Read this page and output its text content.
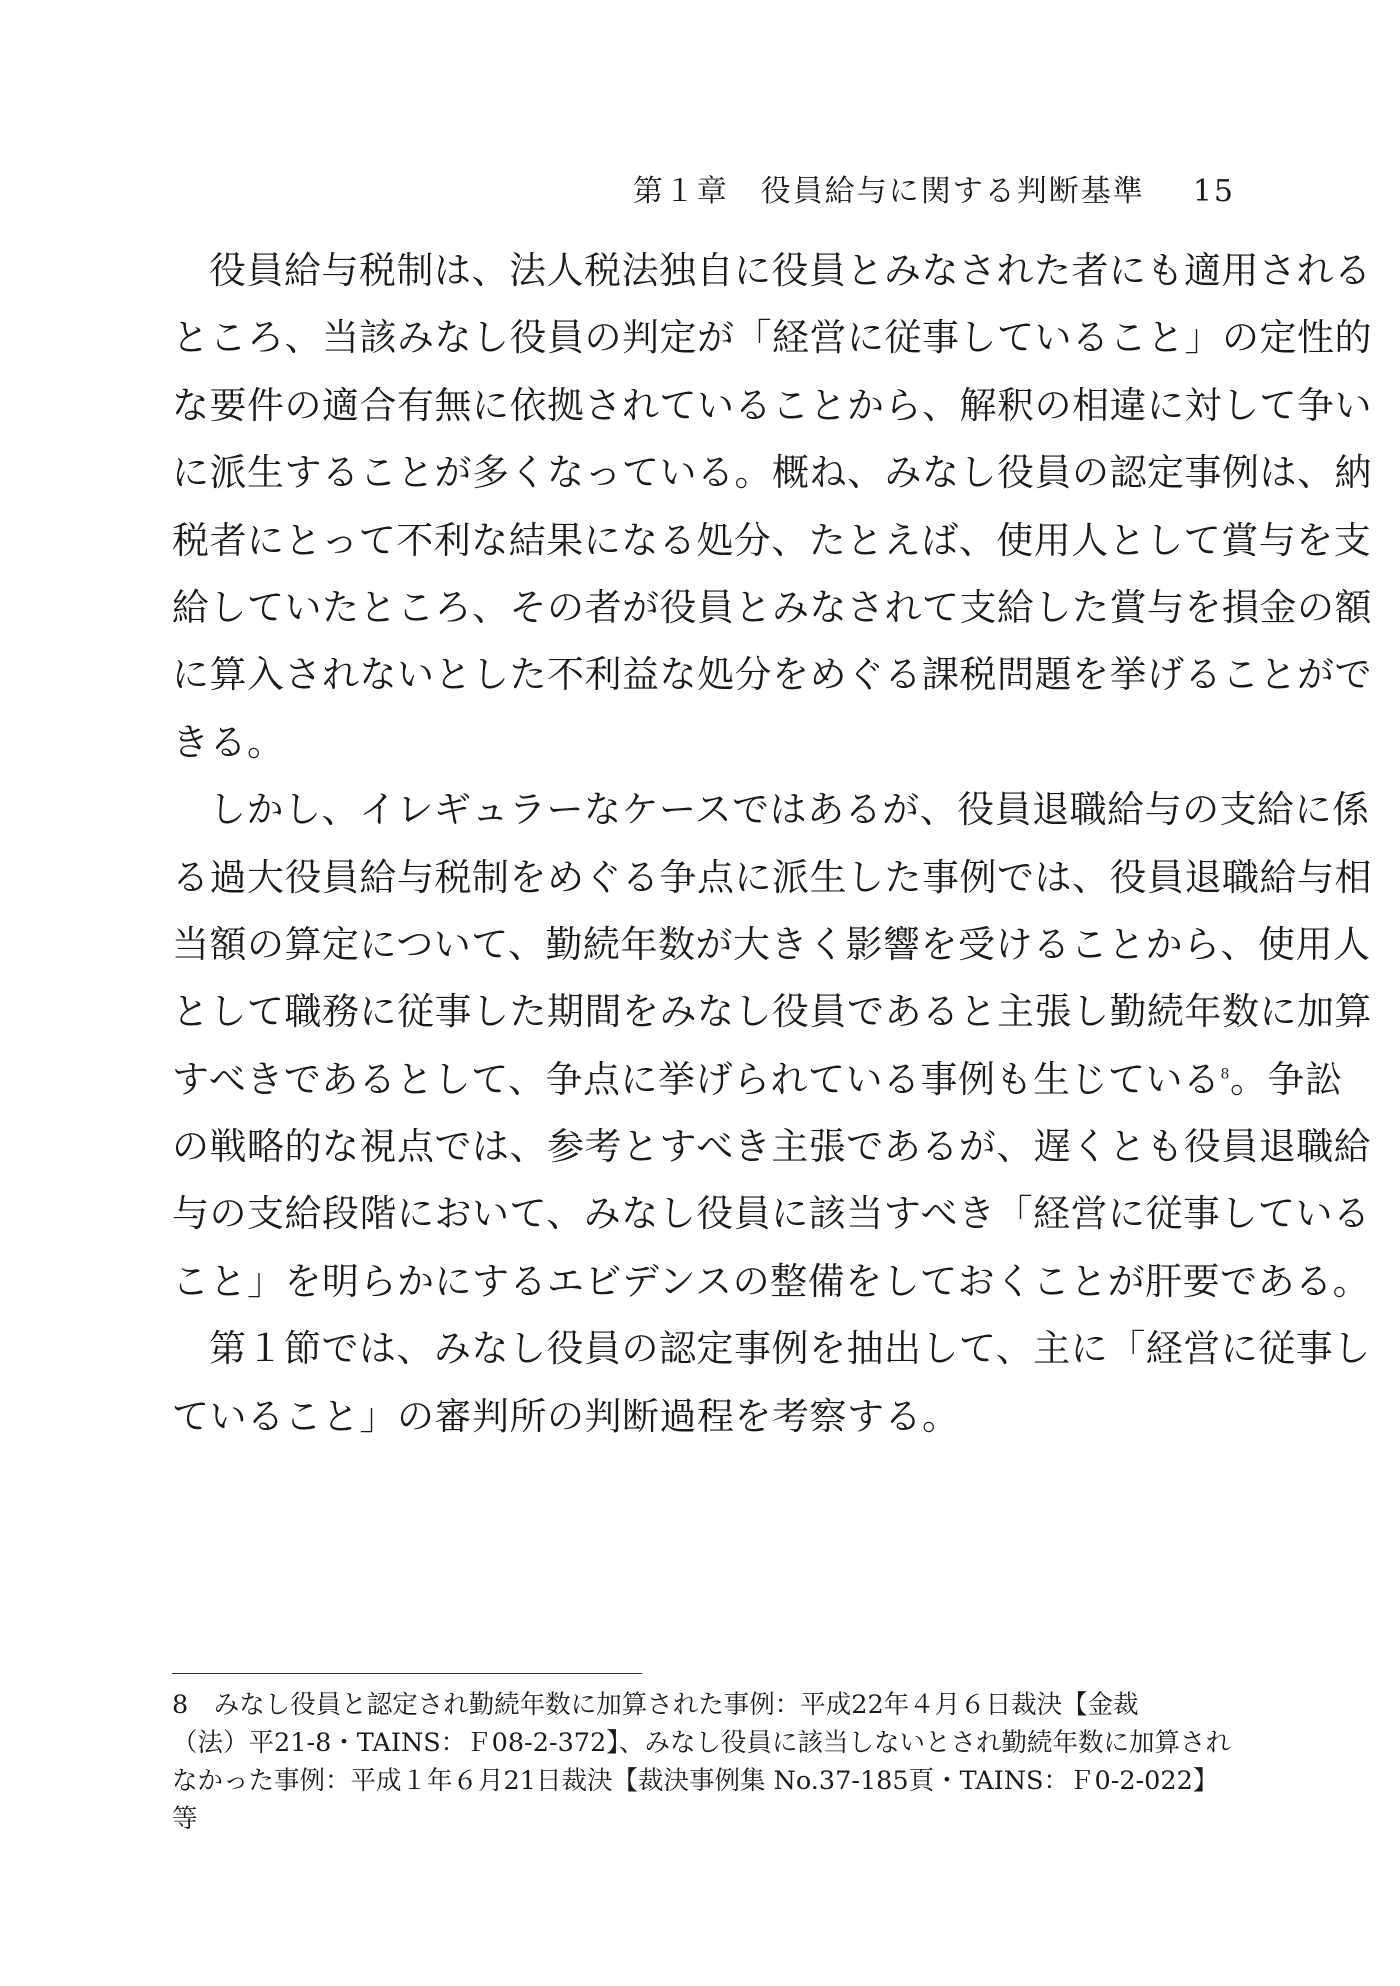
第１章　役員給与に関する判断基準 15
役員給与税制は、法人税法独自に役員とみなされた者にも適用される
ところ、当該みなし役員の判定が「経営に従事していること」の定性的
な要件の適合有無に依拠されていることから、解釈の相違に対して争い
に派生することが多くなっている。概ね、みなし役員の認定事例は、納
税者にとって不利な結果になる処分、たとえば、使用人として賞与を支
給していたところ、その者が役員とみなされて支給した賞与を損金の額
に算入されないとした不利益な処分をめぐる課税問題を挙げることがで
きる。
しかし、イレギュラーなケースではあるが、役員退職給与の支給に係
る過大役員給与税制をめぐる争点に派生した事例では、役員退職給与相
当額の算定について、勤続年数が大きく影響を受けることから、使用人
として職務に従事した期間をみなし役員であると主張し勤続年数に加算
すべきであるとして、争点に挙げられている事例も生じている$^8$。争訟
の戦略的な視点では、参考とすべき主張であるが、遅くとも役員退職給
与の支給段階において、みなし役員に該当すべき「経営に従事している
こと」を明らかにするエビデンスの整備をしておくことが肝要である。
第１節では、みなし役員の認定事例を抽出して、主に「経営に従事し
ていること」の審判所の判断過程を考察する。
8　みなし役員と認定され勤続年数に加算された事例：平成22年４月６日裁決【金裁
（法）平21-8・TAINS：Ｆ08-2-372】、みなし役員に該当しないとされ勤続年数に加算され
なかった事例：平成１年６月21日裁決【裁決事例集 No.37-185頁・TAINS：Ｆ0-2-022】
等
